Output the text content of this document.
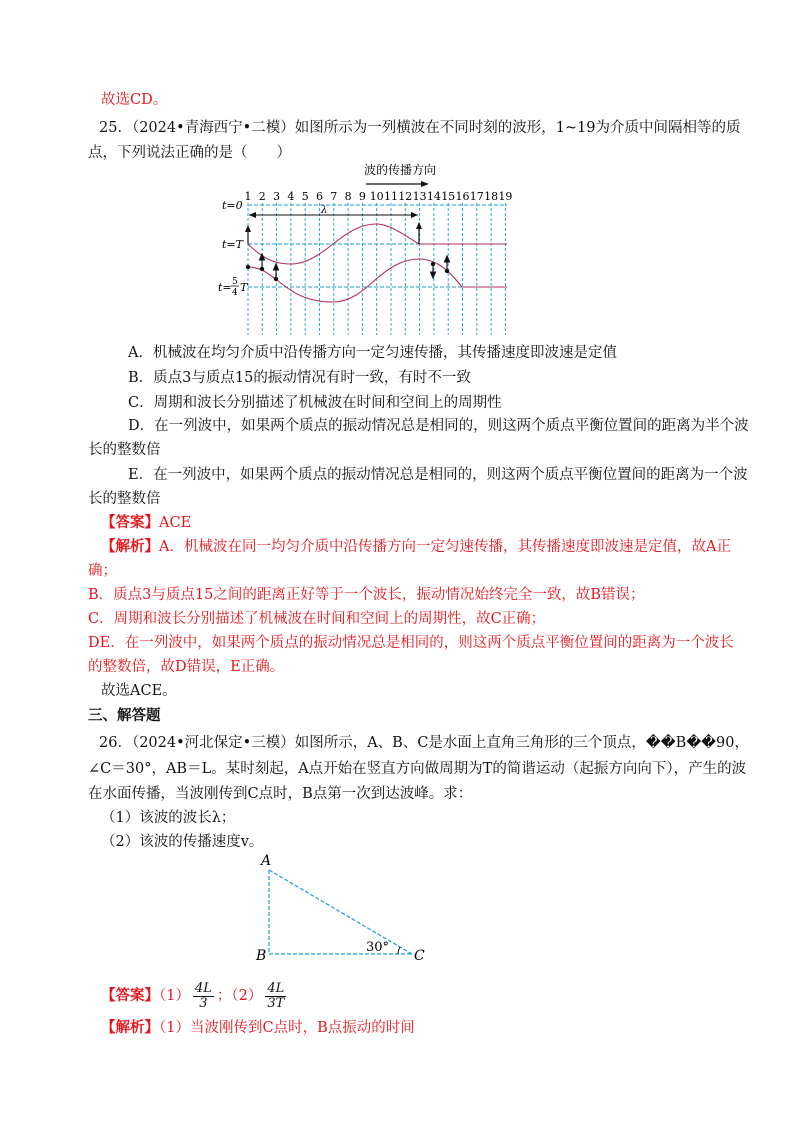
故选CD。
25．（2024•青海西宁•二模）如图所示为一列横波在不同时刻的波形，1~19为介质中间隔相等的质
点，下列说法正确的是（　　）
波的传播方向
1 2 3 4 5 6 7 8 9 10 11 12 13 14 15 16 17 18 19
t=0	λ
t=T
t= 5
4 T
A．机械波在均匀介质中沿传播方向一定匀速传播，其传播速度即波速是定值
B．质点3与质点15的振动情况有时一致，有时不一致
C．周期和波长分别描述了机械波在时间和空间上的周期性
D．在一列波中，如果两个质点的振动情况总是相同的，则这两个质点平衡位置间的距离为半个波
长的整数倍
E．在一列波中，如果两个质点的振动情况总是相同的，则这两个质点平衡位置间的距离为一个波
长的整数倍
【答案】ACE
【解析】A．机械波在同一均匀介质中沿传播方向一定匀速传播，其传播速度即波速是定值，故A正
确；
B．质点3与质点15之间的距离正好等于一个波长，振动情况始终完全一致，故B错误；
C．周期和波长分别描述了机械波在时间和空间上的周期性，故C正确；
DE．在一列波中，如果两个质点的振动情况总是相同的，则这两个质点平衡位置间的距离为一个波长
的整数倍，故D错误，E正确。
故选ACE。
三、解答题
26．（2024•河北保定•三模）如图所示，A、B、C是水面上直角三角形的三个顶点，��B��90，
∠C＝30°，AB＝L。某时刻起，A点开始在竖直方向做周期为T的简谐运动（起振方向向下），产生的波
在水面传播，当波刚传到C点时，B点第一次到达波峰。求：
（1）该波的波长λ；
（2）该波的传播速度v。
A
B	C
30°
【答案】$(1) \frac{4L}{3}$ ；$(2) \frac{4L}{3T}$
【解析】（1）当波刚传到C点时，B点振动的时间
